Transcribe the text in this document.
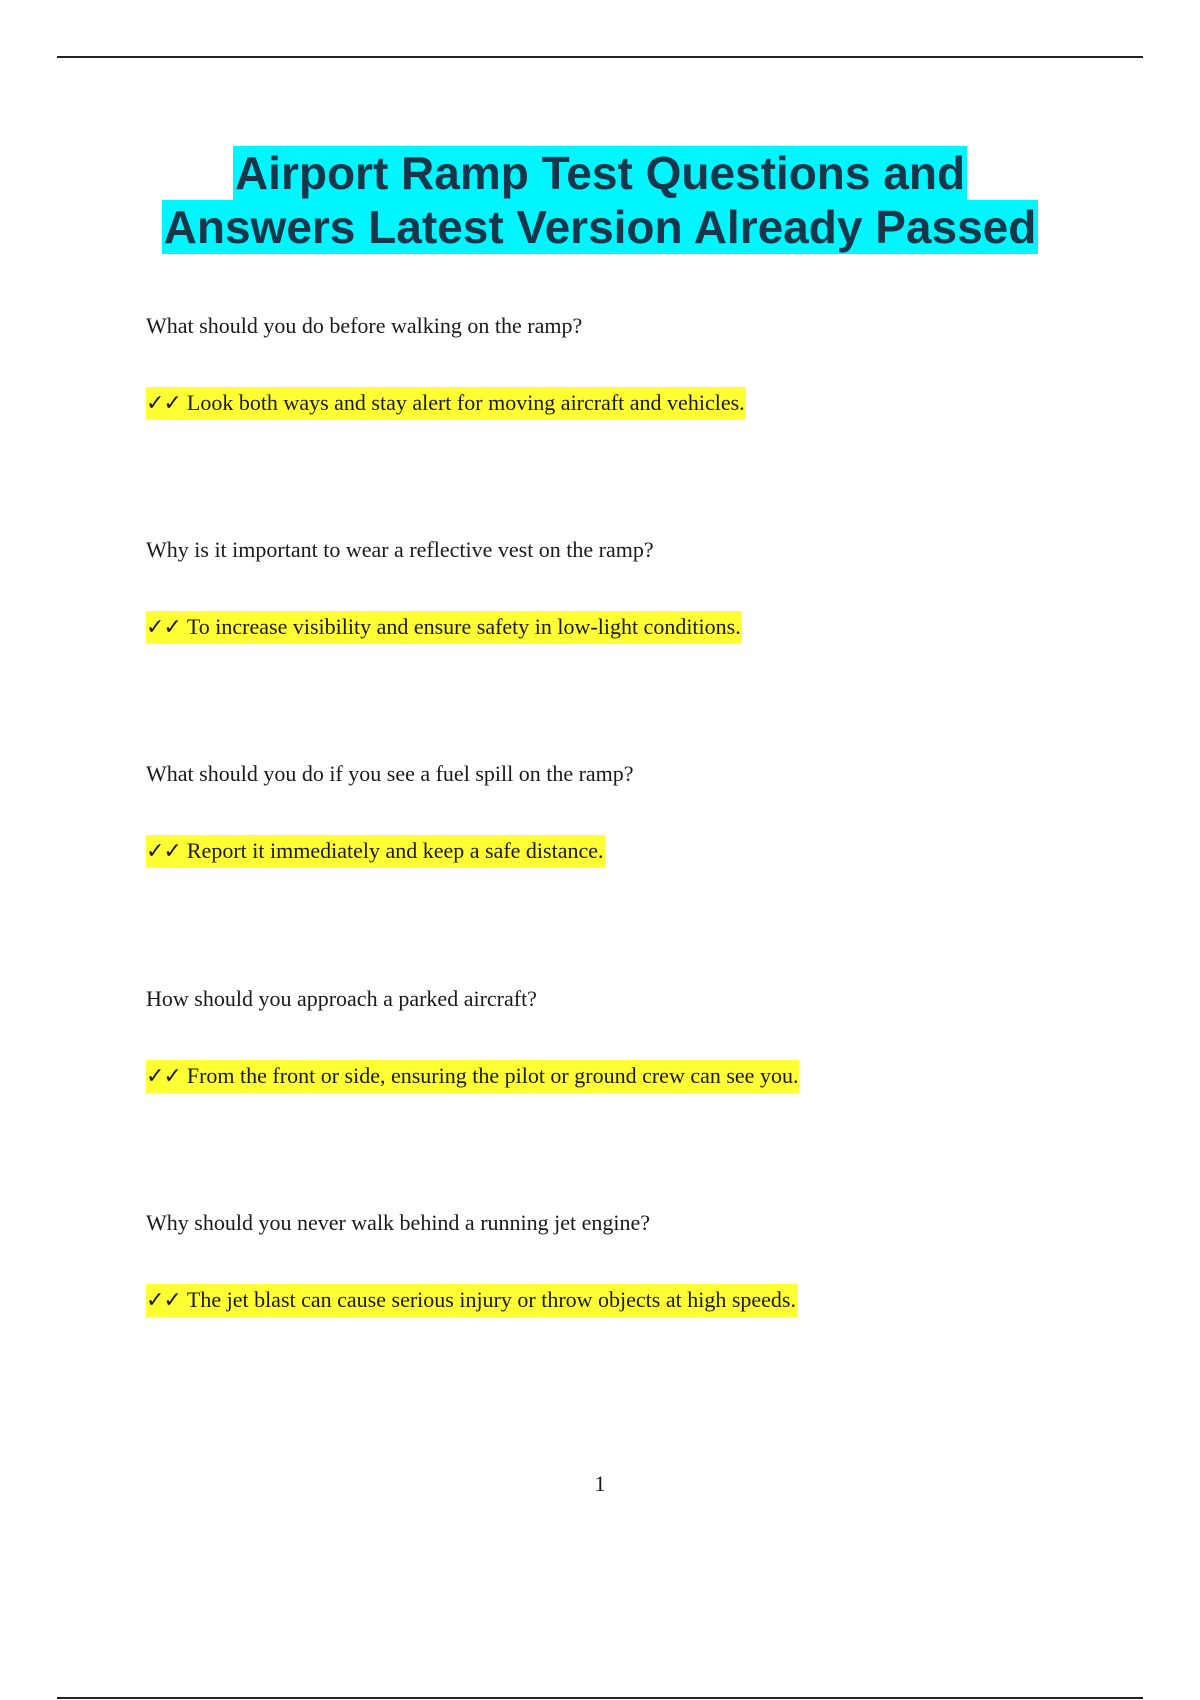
Airport Ramp Test Questions and
Answers Latest Version Already Passed
What should you do before walking on the ramp?
✓✓ Look both ways and stay alert for moving aircraft and vehicles.
Why is it important to wear a reflective vest on the ramp?
✓✓ To increase visibility and ensure safety in low-light conditions.
What should you do if you see a fuel spill on the ramp?
✓✓ Report it immediately and keep a safe distance.
How should you approach a parked aircraft?
✓✓ From the front or side, ensuring the pilot or ground crew can see you.
Why should you never walk behind a running jet engine?
✓✓ The jet blast can cause serious injury or throw objects at high speeds.
1
